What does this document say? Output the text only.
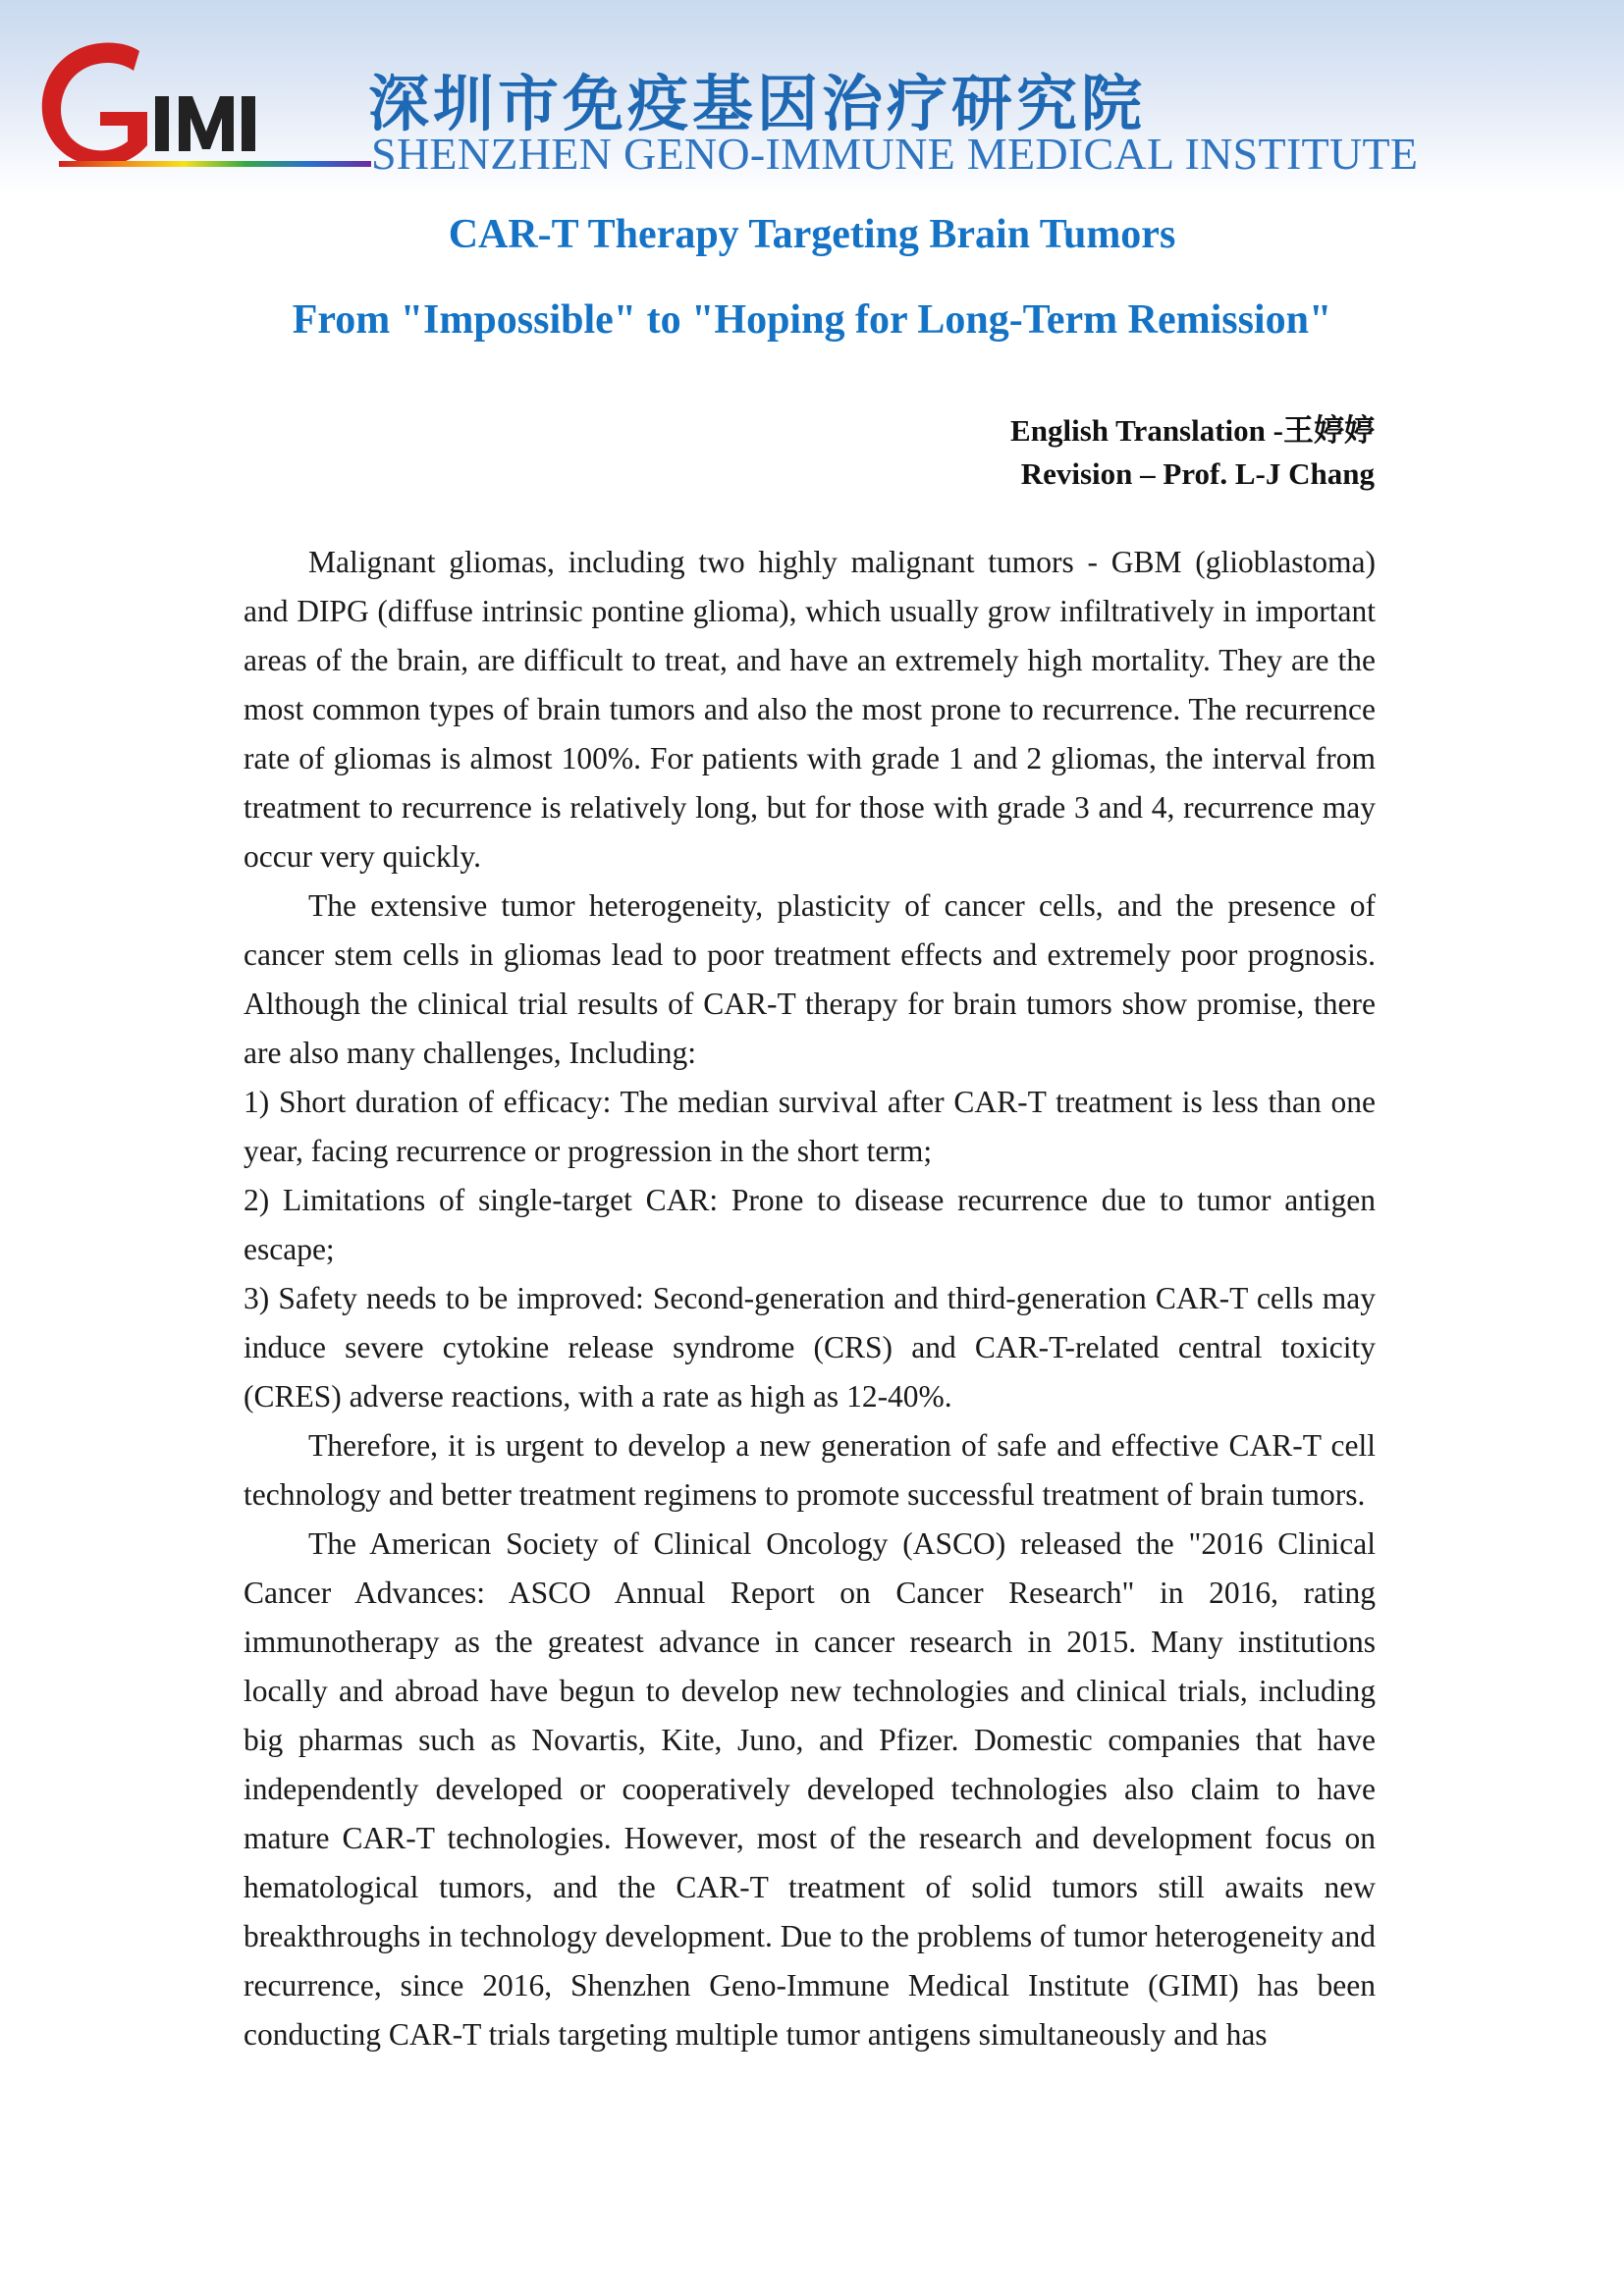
深圳市免疫基因治疗研究院
SHENZHEN GENO-IMMUNE MEDICAL INSTITUTE
CAR-T Therapy Targeting Brain Tumors
From "Impossible" to "Hoping for Long-Term Remission"
English Translation -王婷婷
Revision – Prof. L-J Chang

Malignant gliomas, including two highly malignant tumors - GBM (glioblastoma) and DIPG (diffuse intrinsic pontine glioma), which usually grow infiltratively in important areas of the brain, are difficult to treat, and have an extremely high mortality. They are the most common types of brain tumors and also the most prone to recurrence. The recurrence rate of gliomas is almost 100%. For patients with grade 1 and 2 gliomas, the interval from treatment to recurrence is relatively long, but for those with grade 3 and 4, recurrence may occur very quickly.

The extensive tumor heterogeneity, plasticity of cancer cells, and the presence of cancer stem cells in gliomas lead to poor treatment effects and extremely poor prognosis. Although the clinical trial results of CAR-T therapy for brain tumors show promise, there are also many challenges, Including:

1) Short duration of efficacy: The median survival after CAR-T treatment is less than one year, facing recurrence or progression in the short term;

2) Limitations of single-target CAR: Prone to disease recurrence due to tumor antigen escape;

3) Safety needs to be improved: Second-generation and third-generation CAR-T cells may induce severe cytokine release syndrome (CRS) and CAR-T-related central toxicity (CRES) adverse reactions, with a rate as high as 12-40%.

Therefore, it is urgent to develop a new generation of safe and effective CAR-T cell technology and better treatment regimens to promote successful treatment of brain tumors.

The American Society of Clinical Oncology (ASCO) released the "2016 Clinical Cancer Advances: ASCO Annual Report on Cancer Research" in 2016, rating immunotherapy as the greatest advance in cancer research in 2015. Many institutions locally and abroad have begun to develop new technologies and clinical trials, including big pharmas such as Novartis, Kite, Juno, and Pfizer. Domestic companies that have independently developed or cooperatively developed technologies also claim to have mature CAR-T technologies. However, most of the research and development focus on hematological tumors, and the CAR-T treatment of solid tumors still awaits new breakthroughs in technology development. Due to the problems of tumor heterogeneity and recurrence, since 2016, Shenzhen Geno-Immune Medical Institute (GIMI) has been conducting CAR-T trials targeting multiple tumor antigens simultaneously and has
